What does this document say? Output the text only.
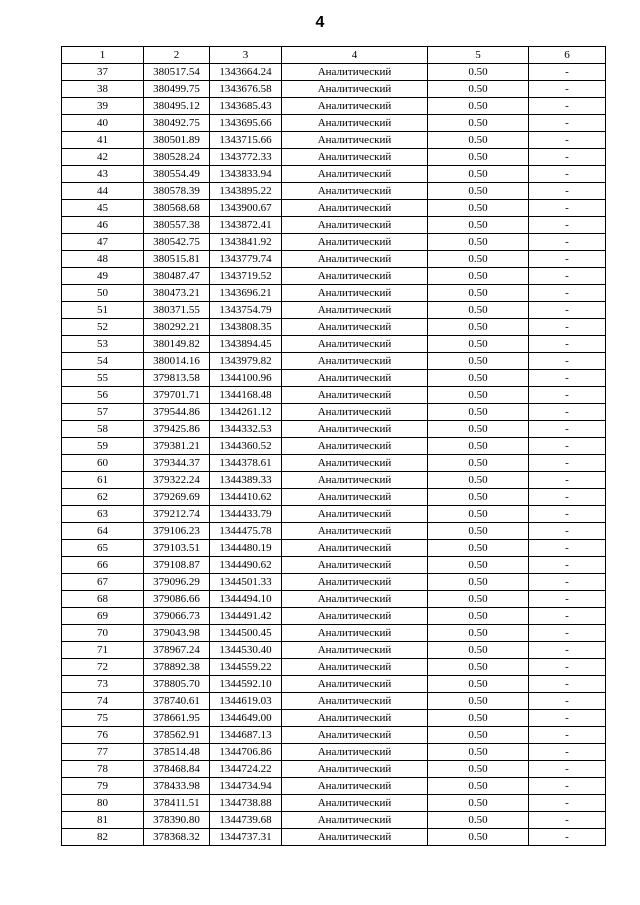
4
1	2	3	4	5	6
37	380517.54	1343664.24	Аналитический	0.50	-
38	380499.75	1343676.58	Аналитический	0.50	-
39	380495.12	1343685.43	Аналитический	0.50	-
40	380492.75	1343695.66	Аналитический	0.50	-
41	380501.89	1343715.66	Аналитический	0.50	-
42	380528.24	1343772.33	Аналитический	0.50	-
43	380554.49	1343833.94	Аналитический	0.50	-
44	380578.39	1343895.22	Аналитический	0.50	-
45	380568.68	1343900.67	Аналитический	0.50	-
46	380557.38	1343872.41	Аналитический	0.50	-
47	380542.75	1343841.92	Аналитический	0.50	-
48	380515.81	1343779.74	Аналитический	0.50	-
49	380487.47	1343719.52	Аналитический	0.50	-
50	380473.21	1343696.21	Аналитический	0.50	-
51	380371.55	1343754.79	Аналитический	0.50	-
52	380292.21	1343808.35	Аналитический	0.50	-
53	380149.82	1343894.45	Аналитический	0.50	-
54	380014.16	1343979.82	Аналитический	0.50	-
55	379813.58	1344100.96	Аналитический	0.50	-
56	379701.71	1344168.48	Аналитический	0.50	-
57	379544.86	1344261.12	Аналитический	0.50	-
58	379425.86	1344332.53	Аналитический	0.50	-
59	379381.21	1344360.52	Аналитический	0.50	-
60	379344.37	1344378.61	Аналитический	0.50	-
61	379322.24	1344389.33	Аналитический	0.50	-
62	379269.69	1344410.62	Аналитический	0.50	-
63	379212.74	1344433.79	Аналитический	0.50	-
64	379106.23	1344475.78	Аналитический	0.50	-
65	379103.51	1344480.19	Аналитический	0.50	-
66	379108.87	1344490.62	Аналитический	0.50	-
67	379096.29	1344501.33	Аналитический	0.50	-
68	379086.66	1344494.10	Аналитический	0.50	-
69	379066.73	1344491.42	Аналитический	0.50	-
70	379043.98	1344500.45	Аналитический	0.50	-
71	378967.24	1344530.40	Аналитический	0.50	-
72	378892.38	1344559.22	Аналитический	0.50	-
73	378805.70	1344592.10	Аналитический	0.50	-
74	378740.61	1344619.03	Аналитический	0.50	-
75	378661.95	1344649.00	Аналитический	0.50	-
76	378562.91	1344687.13	Аналитический	0.50	-
77	378514.48	1344706.86	Аналитический	0.50	-
78	378468.84	1344724.22	Аналитический	0.50	-
79	378433.98	1344734.94	Аналитический	0.50	-
80	378411.51	1344738.88	Аналитический	0.50	-
81	378390.80	1344739.68	Аналитический	0.50	-
82	378368.32	1344737.31	Аналитический	0.50	-
